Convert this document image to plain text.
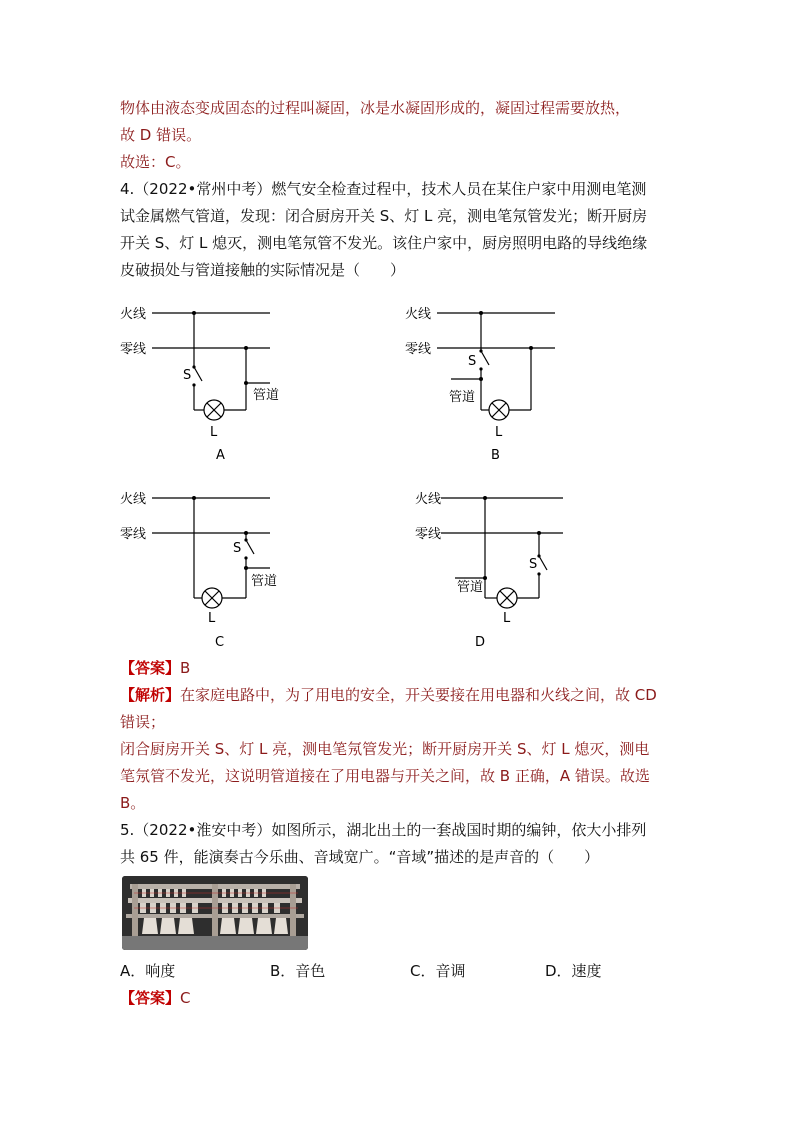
物体由液态变成固态的过程叫凝固，冰是水凝固形成的，凝固过程需要放热，
故 D 错误。
故选：C。
4.（2022•常州中考）燃气安全检查过程中，技术人员在某住户家中用测电笔测
试金属燃气管道，发现：闭合厨房开关 S、灯 L 亮，测电笔氖管发光；断开厨房
开关 S、灯 L 熄灭，测电笔氖管不发光。该住户家中，厨房照明电路的导线绝缘
皮破损处与管道接触的实际情况是（　　）
火线
零线
S
管道
L
A
火线
零线
S
管道
L
B
火线
零线
S
管道
L
C
火线
零线
S
管道
L
D
【答案】B
【解析】在家庭电路中，为了用电的安全，开关要接在用电器和火线之间，故 CD
错误；
闭合厨房开关 S、灯 L 亮，测电笔氖管发光；断开厨房开关 S、灯 L 熄灭，测电
笔氖管不发光，这说明管道接在了用电器与开关之间，故 B 正确，A 错误。故选
B。
5.（2022•淮安中考）如图所示，湖北出土的一套战国时期的编钟，依大小排列
共 65 件，能演奏古今乐曲、音域宽广。“音域”描述的是声音的（　　）
A．响度	B．音色	C．音调	D．速度
【答案】C
